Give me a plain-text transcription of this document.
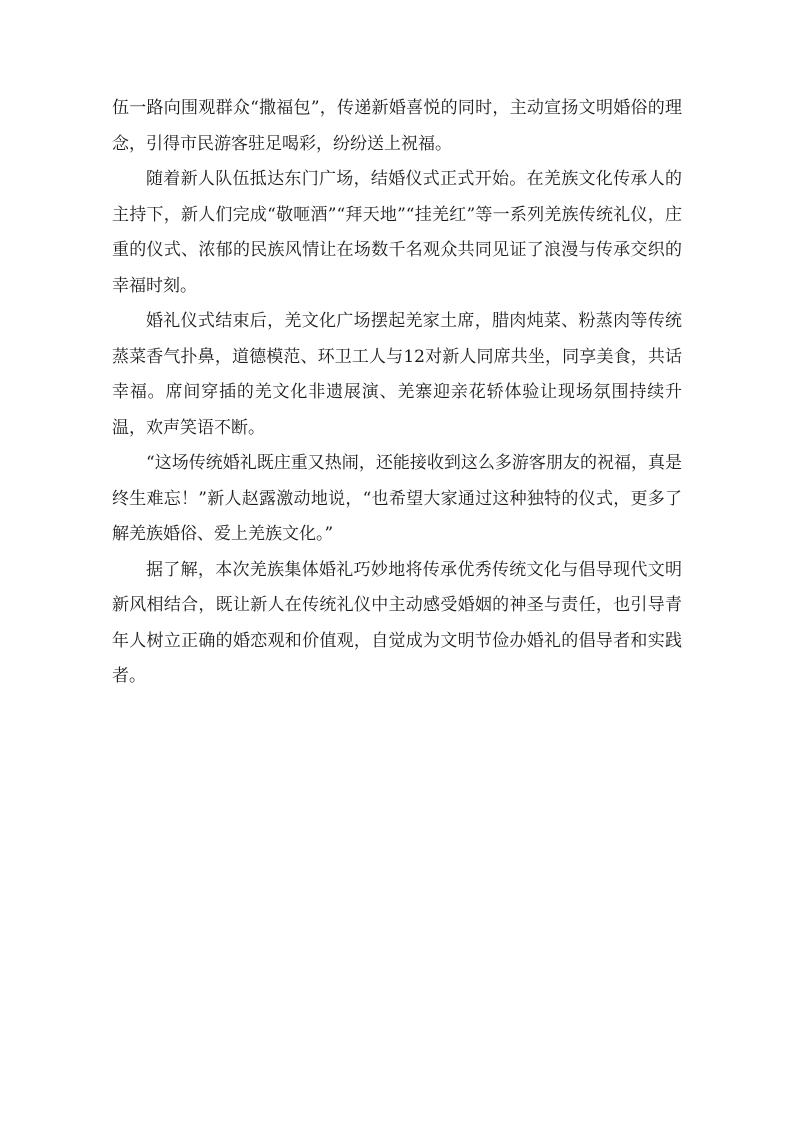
伍一路向围观群众“撒福包”，传递新婚喜悦的同时，主动宣扬文明婚俗的理念，引得市民游客驻足喝彩，纷纷送上祝福。

随着新人队伍抵达东门广场，结婚仪式正式开始。在羌族文化传承人的主持下，新人们完成“敬咂酒”“拜天地”“挂羌红”等一系列羌族传统礼仪，庄重的仪式、浓郁的民族风情让在场数千名观众共同见证了浪漫与传承交织的幸福时刻。

婚礼仪式结束后，羌文化广场摆起羌家土席，腊肉炖菜、粉蒸肉等传统蒸菜香气扑鼻，道德模范、环卫工人与12对新人同席共坐，同享美食，共话幸福。席间穿插的羌文化非遗展演、羌寨迎亲花轿体验让现场氛围持续升温，欢声笑语不断。

“这场传统婚礼既庄重又热闹，还能接收到这么多游客朋友的祝福，真是终生难忘！”新人赵露激动地说，“也希望大家通过这种独特的仪式，更多了解羌族婚俗、爱上羌族文化。”

据了解，本次羌族集体婚礼巧妙地将传承优秀传统文化与倡导现代文明新风相结合，既让新人在传统礼仪中主动感受婚姻的神圣与责任，也引导青年人树立正确的婚恋观和价值观，自觉成为文明节俭办婚礼的倡导者和实践者。
